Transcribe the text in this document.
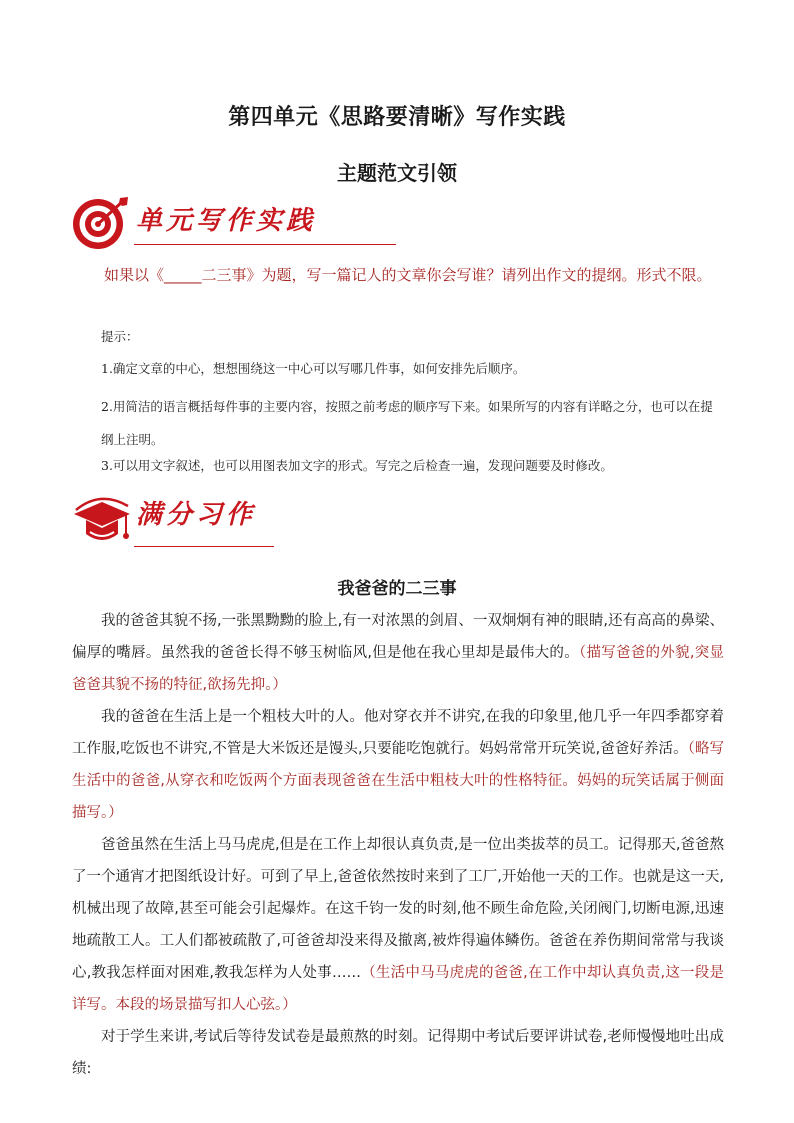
第四单元《思路要清晰》写作实践
主题范文引领
单元写作实践

如果以《_____二三事》为题，写一篇记人的文章你会写谁？请列出作文的提纲。形式不限。

提示：

1.确定文章的中心，想想围绕这一中心可以写哪几件事，如何安排先后顺序。

2.用简洁的语言概括每件事的主要内容，按照之前考虑的顺序写下来。如果所写的内容有详略之分，也可以在提纲上注明。

3.可以用文字叙述，也可以用图表加文字的形式。写完之后检查一遍，发现问题要及时修改。

满分习作
我爸爸的二三事

我的爸爸其貌不扬,一张黑黝黝的脸上,有一对浓黑的剑眉、一双炯炯有神的眼睛,还有高高的鼻梁、偏厚的嘴唇。虽然我的爸爸长得不够玉树临风,但是他在我心里却是最伟大的。（描写爸爸的外貌,突显爸爸其貌不扬的特征,欲扬先抑。）

我的爸爸在生活上是一个粗枝大叶的人。他对穿衣并不讲究,在我的印象里,他几乎一年四季都穿着工作服,吃饭也不讲究,不管是大米饭还是馒头,只要能吃饱就行。妈妈常常开玩笑说,爸爸好养活。（略写生活中的爸爸,从穿衣和吃饭两个方面表现爸爸在生活中粗枝大叶的性格特征。妈妈的玩笑话属于侧面描写。）

爸爸虽然在生活上马马虎虎,但是在工作上却很认真负责,是一位出类拔萃的员工。记得那天,爸爸熬了一个通宵才把图纸设计好。可到了早上,爸爸依然按时来到了工厂,开始他一天的工作。也就是这一天,机械出现了故障,甚至可能会引起爆炸。在这千钧一发的时刻,他不顾生命危险,关闭阀门,切断电源,迅速地疏散工人。工人们都被疏散了,可爸爸却没来得及撤离,被炸得遍体鳞伤。爸爸在养伤期间常常与我谈心,教我怎样面对困难,教我怎样为人处事……（生活中马马虎虎的爸爸,在工作中却认真负责,这一段是详写。本段的场景描写扣人心弦。）

对于学生来讲,考试后等待发试卷是最煎熬的时刻。记得期中考试后要评讲试卷,老师慢慢地吐出成绩:
